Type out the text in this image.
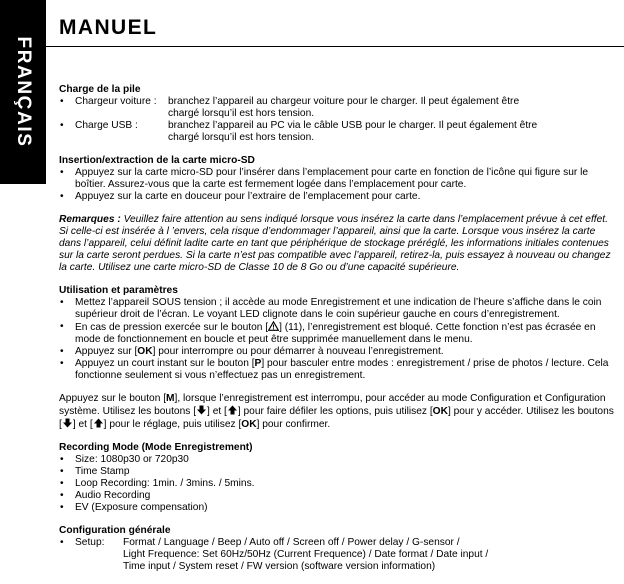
FRANÇAIS
MANUEL
Charge de la pile
• Chargeur voiture :	branchez l’appareil au chargeur voiture pour le charger. Il peut également être
chargé lorsqu’il est hors tension.
• Charge USB :	branchez l’appareil au PC via le câble USB pour le charger. Il peut également être
chargé lorsqu’il est hors tension.
Insertion/extraction de la carte micro-SD
• Appuyez sur la carte micro-SD pour l’insérer dans l’emplacement pour carte en fonction de l’icône qui figure sur le boîtier. Assurez-vous que la carte est fermement logée dans l’emplacement pour carte.
• Appuyez sur la carte en douceur pour l’extraire de l’emplacement pour carte.
Remarques : Veuillez faire attention au sens indiqué lorsque vous insérez la carte dans l’emplacement prévue à cet effet. Si celle-ci est insérée à l ’envers, cela risque d’endommager l’appareil, ainsi que la carte. Lorsque vous insérez la carte dans l’appareil, celui définit ladite carte en tant que périphérique de stockage préréglé, les informations initiales contenues sur la carte seront perdues. Si la carte n’est pas compatible avec l’appareil, retirez-la, puis essayez à nouveau ou changez la carte. Utilisez une carte micro-SD de Classe 10 de 8 Go ou d’une capacité supérieure.
Utilisation et paramètres
• Mettez l’appareil SOUS tension ; il accède au mode Enregistrement et une indication de l’heure s’affiche dans le coin supérieur droit de l’écran. Le voyant LED clignote dans le coin supérieur gauche en cours d’enregistrement.
• En cas de pression exercée sur le bouton [ ] (11), l’enregistrement est bloqué. Cette fonction n’est pas écrasée en mode de fonctionnement en boucle et peut être supprimée manuellement dans le menu.
• Appuyez sur [OK] pour interrompre ou pour démarrer à nouveau l’enregistrement.
• Appuyez un court instant sur le bouton [P] pour basculer entre modes : enregistrement / prise de photos / lecture. Cela fonctionne seulement si vous n’effectuez pas un enregistrement.
Appuyez sur le bouton [M], lorsque l’enregistrement est interrompu, pour accéder au mode Configuration et Configuration système. Utilisez les boutons [ ] et [ ] pour faire défiler les options, puis utilisez [OK] pour y accéder. Utilisez les boutons [ ] et [ ] pour le réglage, puis utilisez [OK] pour confirmer.
Recording Mode (Mode Enregistrement)
• Size: 1080p30 or 720p30
• Time Stamp
• Loop Recording: 1min. / 3mins. / 5mins.
• Audio Recording
• EV (Exposure compensation)
Configuration générale
• Setup: Format / Language / Beep / Auto off / Screen off / Power delay / G-sensor /
Light Frequence: Set 60Hz/50Hz (Current Frequence) / Date format / Date input /
Time input / System reset / FW version (software version information)
